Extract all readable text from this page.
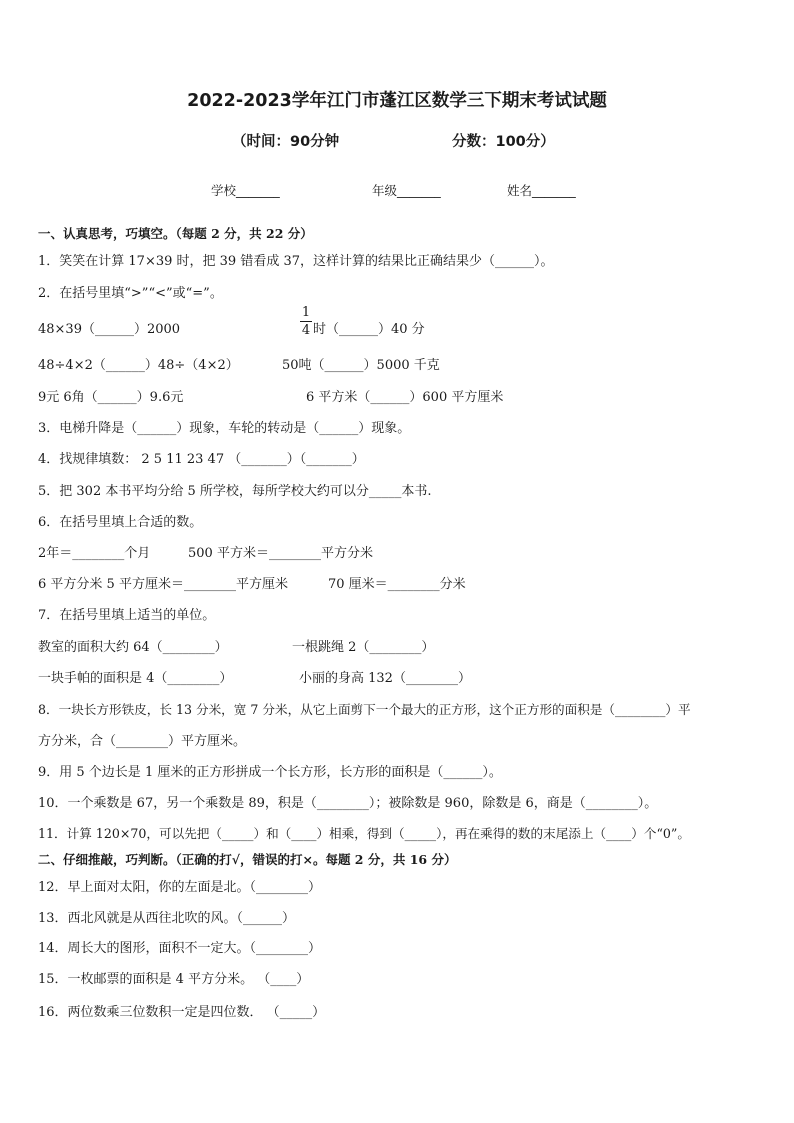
2022-2023学年江门市蓬江区数学三下期末考试试题
（时间：90分钟	分数：100分）
学校_______	年级_______	姓名_______
一、认真思考，巧填空。（每题 2 分，共 22 分）
1．笑笑在计算 17×39 时，把 39 错看成 37，这样计算的结果比正确结果少（______）。
2．在括号里填“>”“<”或“=”。
48×39（______）2000
1
4 时（______）40 分
48÷4×2（______）48÷（4×2）	50吨（______）5000 千克
9元 6角（______）9.6元	6 平方米（______）600 平方厘米
3．电梯升降是（______）现象，车轮的转动是（______）现象。
4．找规律填数： 2 5 11 23 47 （_______）（_______）
5．把 302 本书平均分给 5 所学校，每所学校大约可以分_____本书.
6．在括号里填上合适的数。
2年＝________个月	500 平方米＝________平方分米
6 平方分米 5 平方厘米＝________平方厘米	70 厘米＝________分米
7．在括号里填上适当的单位。
教室的面积大约 64（________）	一根跳绳 2（________）
一块手帕的面积是 4（________）	小丽的身高 132（________）
8．一块长方形铁皮，长 13 分米，宽 7 分米，从它上面剪下一个最大的正方形，这个正方形的面积是（________）平
方分米，合（________）平方厘米。
9．用 5 个边长是 1 厘米的正方形拼成一个长方形，长方形的面积是（______）。
10．一个乘数是 67，另一个乘数是 89，积是（________）；被除数是 960，除数是 6，商是（________）。
11．计算 120×70，可以先把（_____）和（____）相乘，得到（_____），再在乘得的数的末尾添上（____）个“0”。
二、仔细推敲，巧判断。（正确的打√，错误的打×。每题 2 分，共 16 分）
12．早上面对太阳，你的左面是北。（________）
13．西北风就是从西往北吹的风。（______）
14．周长大的图形，面积不一定大。（________）
15．一枚邮票的面积是 4 平方分米。 （____）
16．两位数乘三位数积一定是四位数． （_____）
